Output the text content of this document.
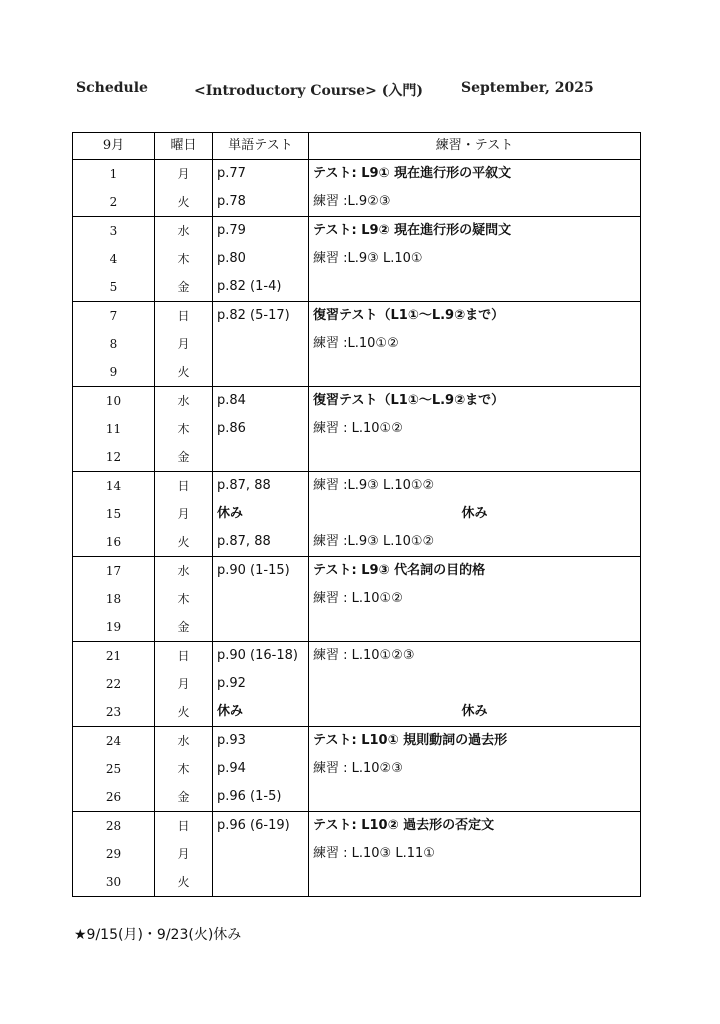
Schedule	<Introductory Course> (入門)	September, 2025
9月	曜日	単語テスト	練習・テスト
1	月	p.77	テスト: L9① 現在進行形の平叙文
2	火	p.78	練習 :L.9②③
3	水	p.79	テスト: L9② 現在進行形の疑問文
4	木	p.80	練習 :L.9③ L.10①
5	金	p.82 (1-4)	
7	日	p.82 (5-17)	復習テスト（L1①～L.9②まで）
8	月		練習 :L.10①②
9	火		
10	水	p.84	復習テスト（L1①～L.9②まで）
11	木	p.86	練習 : L.10①②
12	金		
14	日	p.87, 88	練習 :L.9③ L.10①②
15	月	休み	休み
16	火	p.87, 88	練習 :L.9③ L.10①②
17	水	p.90 (1-15)	テスト: L9③ 代名詞の目的格
18	木		練習 : L.10①②
19	金		
21	日	p.90 (16-18)	練習 : L.10①②③
22	月	p.92	
23	火	休み	休み
24	水	p.93	テスト: L10① 規則動詞の過去形
25	木	p.94	練習 : L.10②③
26	金	p.96 (1-5)	
28	日	p.96 (6-19)	テスト: L10② 過去形の否定文
29	月		練習 : L.10③ L.11①
30	火		
★9/15(月)・9/23(火)休み
